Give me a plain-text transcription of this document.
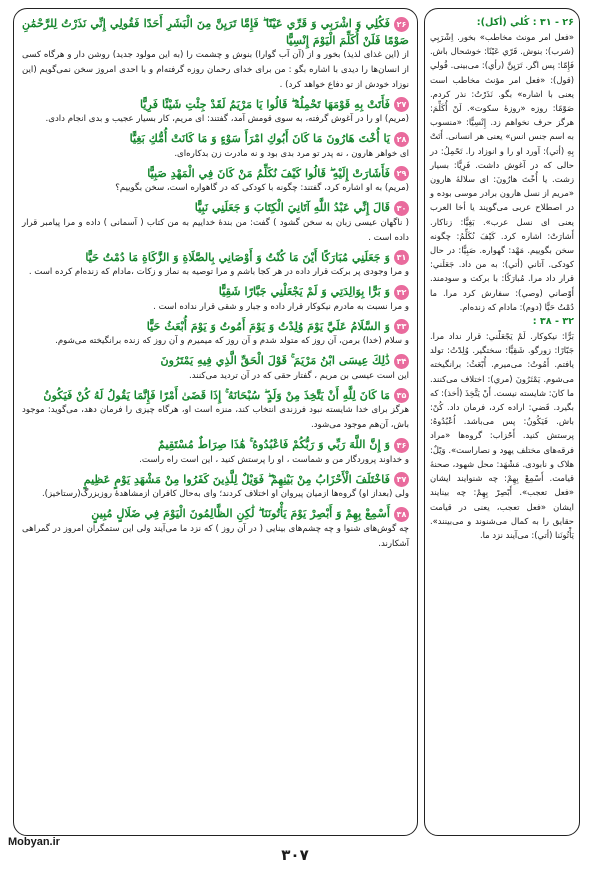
۲۶فَكُلِي وَ اشْرَبِي وَ قَرِّي عَيْنًا ۖ فَإِمَّا تَرَيِنَّ مِنَ الْبَشَرِ أَحَدًا فَقُولِي إِنِّي نَذَرْتُ لِلرَّحْمَٰنِ صَوْمًا فَلَنْ أُكَلِّمَ الْيَوْمَ إِنْسِيًّا
از (این غذای لذیذ) بخور و از (آن آب گوارا) بنوش و چشمت را (به این مولود جدید) روشن دار و هرگاه کسی از انسان‌ها را دیدی با اشاره بگو : من برای خدای رحمان روزه گرفته‌ام و با احدی امروز سخن نمی‌گویم (این نوزاد خودش از تو دفاع خواهد کرد) .
۲۷فَأَتَتْ بِهِ قَوْمَهَا تَحْمِلُهُ ۖ قَالُوا يَا مَرْيَمُ لَقَدْ جِئْتِ شَيْئًا فَرِيًّا
(مریم) او را در آغوش گرفته، به سوی قومش آمد، گفتند: ای مریم، کار بسیار عجیب و بدی انجام دادی.
۲۸يَا أُخْتَ هَارُونَ مَا كَانَ أَبُوكِ امْرَأَ سَوْءٍ وَ مَا كَانَتْ أُمُّكِ بَغِيًّا
ای خواهر هارون ، نه پدر تو مرد بدی بود و نه مادرت زن بدکاره‌ای.
۲۹فَأَشَارَتْ إِلَيْهِ ۖ قَالُوا كَيْفَ نُكَلِّمُ مَنْ كَانَ فِي الْمَهْدِ صَبِيًّا
(مریم) به او اشاره کرد، گفتند: چگونه با کودکی که در گاهواره است، سخن بگوییم؟
۳۰قَالَ إِنِّي عَبْدُ اللَّهِ آتَانِيَ الْكِتَابَ وَ جَعَلَنِي نَبِيًّا
( ناگهان عیسی زبان به سخن گشود ) گفت: من بندهٔ خداییم به من کتاب ( آسمانی ) داده و مرا پیامبر قرار داده است .
۳۱وَ جَعَلَنِي مُبَارَكًا أَيْنَ مَا كُنْتُ وَ أَوْصَانِي بِالصَّلَاةِ وَ الزَّكَاةِ مَا دُمْتُ حَيًّا
و مرا وجودی پر برکت قرار داده در هر کجا باشم و مرا توصیه به نماز و زکات ،مادام که زنده‌ام کرده است .
۳۲وَ بَرًّا بِوَالِدَتِي وَ لَمْ يَجْعَلْنِي جَبَّارًا شَقِيًّا
و مرا نسبت به مادرم نیکوکار قرار داده و جبار و شقی قرار نداده است .
۳۳وَ السَّلَامُ عَلَيَّ يَوْمَ وُلِدْتُ وَ يَوْمَ أَمُوتُ وَ يَوْمَ أُبْعَثُ حَيًّا
و سلام (خدا) برمن، آن روز که متولد شدم و آن روز که میمیرم و آن روز که زنده برانگیخته می‌شوم.
۳۴ذَٰلِكَ عِيسَى ابْنُ مَرْيَمَ ۚ قَوْلَ الْحَقِّ الَّذِي فِيهِ يَمْتَرُونَ
این است عیسی بن مریم ، گفتار حقی که در آن تردید می‌کنند.
۳۵مَا كَانَ لِلَّهِ أَنْ يَتَّخِذَ مِنْ وَلَدٍ ۖ سُبْحَانَهُ ۚ إِذَا قَضَىٰ أَمْرًا فَإِنَّمَا يَقُولُ لَهُ كُنْ فَيَكُونُ
هرگز برای خدا شایسته نبود فرزندی انتخاب کند، منزه است او، هرگاه چیزی را فرمان دهد، می‌گوید: موجود باش، آن‌هم موجود می‌شود.
۳۶وَ إِنَّ اللَّهَ رَبِّي وَ رَبُّكُمْ فَاعْبُدُوهُ ۚ هَٰذَا صِرَاطٌ مُسْتَقِيمٌ
و خداوند پروردگار من و شماست ، او را پرستش کنید ، این است راه راست.
۳۷فَاخْتَلَفَ الْأَحْزَابُ مِنْ بَيْنِهِمْ ۖ فَوَيْلٌ لِلَّذِينَ كَفَرُوا مِنْ مَشْهَدِ يَوْمٍ عَظِيمٍ
ولی (بعداز او) گروه‌ها ازمیان پیروان او اختلاف کردند؛ وای به‌حال کافران ازمشاهدهٔ روزبزرگ(رستاخیز).
۳۸أَسْمِعْ بِهِمْ وَ أَبْصِرْ يَوْمَ يَأْتُونَنَا ۖ لَٰكِنِ الظَّالِمُونَ الْيَوْمَ فِي ضَلَالٍ مُبِينٍ
چه گوش‌های شنوا و چه چشم‌های بینایی ( در آن روز ) که نزد ما می‌آیند ولی این ستمگران امروز در گمراهی آشکارند.
۲۶ - ۳۱ : كُلي (أكل):
«فعل امر مونث مخاطب» بخور. اِشْرَبِي (شرب): بنوش. قَرّي عَيْنًا: خوشحال باش. فَإِمّا: پس اگر. تَرَيِنَّ (رأي): می‌بینی. قُولي (قول): «فعل امر مؤنث مخاطب است یعنی با اشاره» بگو. نَذَرْتُ: نذر کردم. صَوْمًا: روزه «روزهٔ سکوت». لَنْ أُكَلِّمَ: هرگز حرف نخواهم زد. إِنْسِيًّا: «منسوب به اسم جنس انس» یعنی هر انسانی. أَتَتْ بِهِ (أتي): آورد او را و انوزاد را. تَحْمِلُ: در حالی که در آغوش داشت. فَرِيًّا: بسیار زشت. يا أُخْتَ هارُونَ: ای سلالهٔ هارون «مریم از نسل هارون برادر موسی بوده و در اصطلاح عربی می‌گویند یا أخا العرب یعنی ای نسل عرب». بَغِيًّا: زناکار. أَشارَتْ: اشاره کرد. كَيْفَ نُكَلِّمُ: چگونه سخن بگوییم. مَهْد: گهواره. صَبِيًّا: در حال کودکی. آتاني (أتي): به من داد. جَعَلَني: قرار داد مرا. مُبارَكًا: با برکت و سودمند. أَوْصاني (وصي): سفارش کرد مرا. ما دُمْتُ حَيًّا (دوم): مادام که زنده‌ام.
۳۲ - ۳۸ :
بَرًّا: نیکوکار. لَمْ يَجْعَلْني: قرار نداد مرا. جَبّارًا: زورگو. شَقِيًّا: سختگیر. وُلِدْتُ: تولد یافتم. أَمُوتُ: می‌میرم. أُبْعَثُ: برانگیخته می‌شوم. يَمْتَرُونَ (مري): اختلاف می‌کنند. ما كانَ: شایسته نیست. أَنْ يَتَّخِذَ (أخذ): که بگیرد. قَضي: اراده کرد، فرمان داد. كُنْ: باش. فَيَكُونُ: پس می‌باشد. اُعْبُدُوهُ: پرستش کنید. أَحْزاب: گروه‌ها «مراد فرقه‌های مختلف یهود و نصاراست». وَيْلٌ: هلاک و نابودی. مَشْهَد: محل شهود، صحنهٔ قیامت. أَسْمِعْ بِهِمْ: چه شنوایند ایشان «فعل تعجب». أَبْصِرْ بِهِمْ: چه بینایند ایشان «فعل تعجب، یعنی در قیامت حقایق را به کمال می‌شنوند و می‌بینند». يَأْتُونَنا (أتي): می‌آیند نزد ما.
Mobyan.ir
۳۰۷
